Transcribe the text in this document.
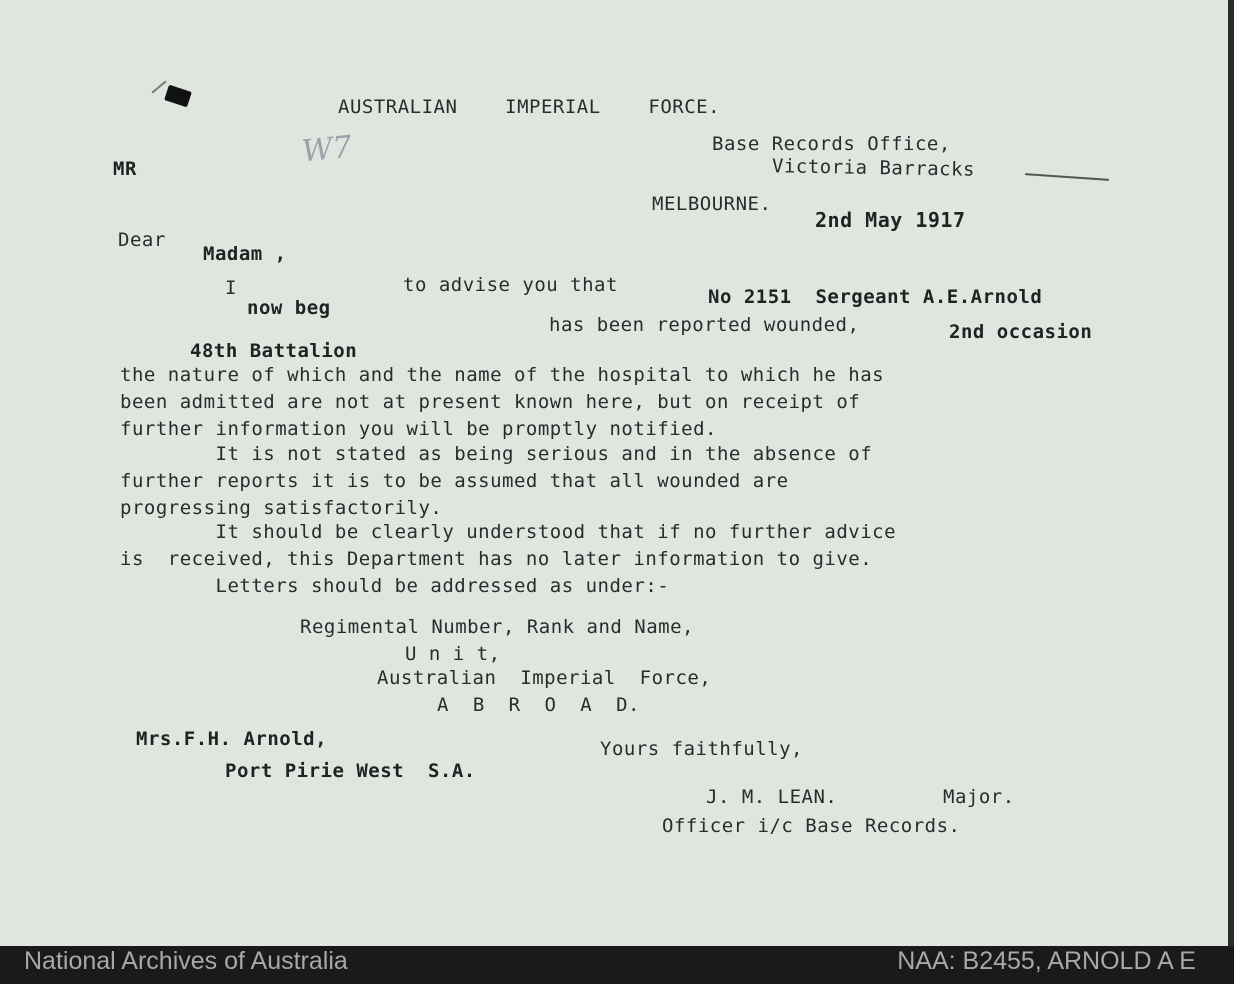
AUSTRALIAN    IMPERIAL    FORCE.
Base Records Office,
Victoria Barracks
MR	W7
MELBOURNE.
2nd May 1917
Dear
Madam ,
I
now beg
to advise you that
No 2151  Sergeant A.E.Arnold
has been reported wounded,	2nd occasion
48th Battalion
the nature of which and the name of the hospital to which he has
been admitted are not at present known here, but on receipt of
further information you will be promptly notified.
It is not stated as being serious and in the absence of
further reports it is to be assumed that all wounded are
progressing satisfactorily.
It should be clearly understood that if no further advice
is  received, this Department has no later information to give.
Letters should be addressed as under:-
Regimental Number, Rank and Name,
U n i t,
Australian  Imperial  Force,
A  B  R  O  A  D.
Mrs.F.H. Arnold,
Port Pirie West  S.A.
Yours faithfully,
J. M. LEAN.	Major.
Officer i/c Base Records.
National Archives of Australia	NAA: B2455, ARNOLD A E
